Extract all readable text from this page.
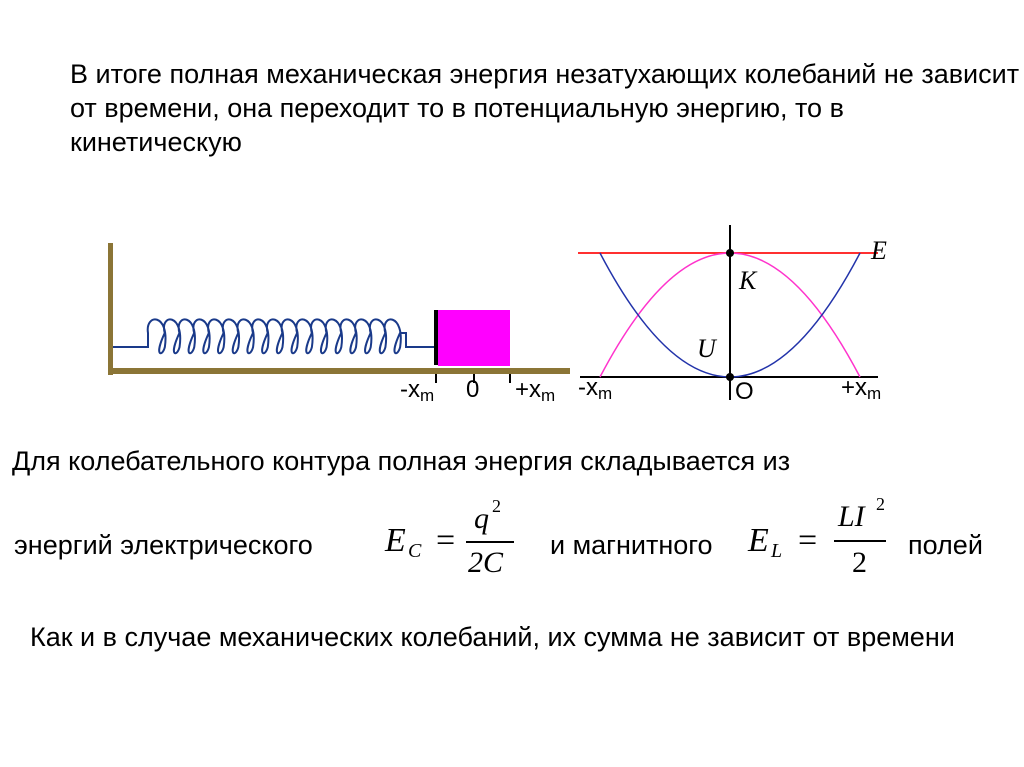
В итоге полная механическая энергия незатухающих колебаний не зависит от времени, она переходит то в потенциальную энергию, то в кинетическую
-xm 0 +xm
E
K
U
O
-xm	+xm
Для колебательного контура полная энергия складывается из
энергий электрического E C =
q 2
2C
и магнитного E L =
LI 2
2
полей
Как и в случае механических колебаний, их сумма не зависит от времени
